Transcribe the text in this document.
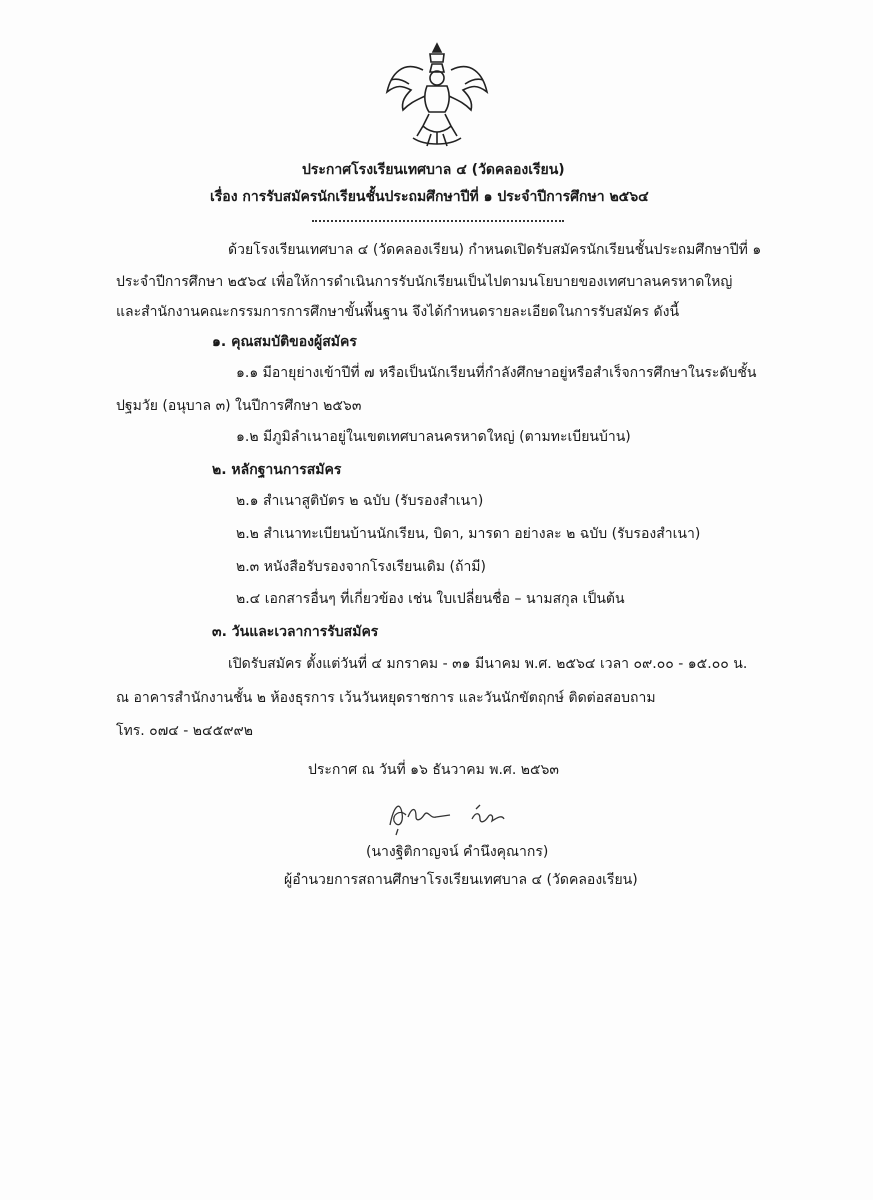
ประกาศโรงเรียนเทศบาล ๔ (วัดคลองเรียน)
เรื่อง การรับสมัครนักเรียนชั้นประถมศึกษาปีที่ ๑ ประจำปีการศึกษา ๒๕๖๔
ด้วยโรงเรียนเทศบาล ๔ (วัดคลองเรียน) กำหนดเปิดรับสมัครนักเรียนชั้นประถมศึกษาปีที่ ๑
ประจำปีการศึกษา ๒๕๖๔ เพื่อให้การดำเนินการรับนักเรียนเป็นไปตามนโยบายของเทศบาลนครหาดใหญ่
และสำนักงานคณะกรรมการการศึกษาขั้นพื้นฐาน จึงได้กำหนดรายละเอียดในการรับสมัคร ดังนี้
๑. คุณสมบัติของผู้สมัคร
๑.๑ มีอายุย่างเข้าปีที่ ๗ หรือเป็นนักเรียนที่กำลังศึกษาอยู่หรือสำเร็จการศึกษาในระดับชั้น
ปฐมวัย (อนุบาล ๓) ในปีการศึกษา ๒๕๖๓
๑.๒ มีภูมิลำเนาอยู่ในเขตเทศบาลนครหาดใหญ่ (ตามทะเบียนบ้าน)
๒. หลักฐานการสมัคร
๒.๑ สำเนาสูติบัตร ๒ ฉบับ (รับรองสำเนา)
๒.๒ สำเนาทะเบียนบ้านนักเรียน, บิดา, มารดา อย่างละ ๒ ฉบับ (รับรองสำเนา)
๒.๓ หนังสือรับรองจากโรงเรียนเดิม (ถ้ามี)
๒.๔ เอกสารอื่นๆ ที่เกี่ยวข้อง เช่น ใบเปลี่ยนชื่อ – นามสกุล เป็นต้น
๓. วันและเวลาการรับสมัคร
เปิดรับสมัคร ตั้งแต่วันที่ ๔ มกราคม - ๓๑ มีนาคม พ.ศ. ๒๕๖๔ เวลา ๐๙.๐๐ - ๑๕.๐๐ น.
ณ อาคารสำนักงานชั้น ๒ ห้องธุรการ เว้นวันหยุดราชการ และวันนักขัตฤกษ์ ติดต่อสอบถาม
โทร. ๐๗๔ - ๒๔๕๙๙๒
ประกาศ ณ วันที่ ๑๖ ธันวาคม พ.ศ. ๒๕๖๓
(นางฐิติกาญจน์ คำนึงคุณากร)
ผู้อำนวยการสถานศึกษาโรงเรียนเทศบาล ๔ (วัดคลองเรียน)
